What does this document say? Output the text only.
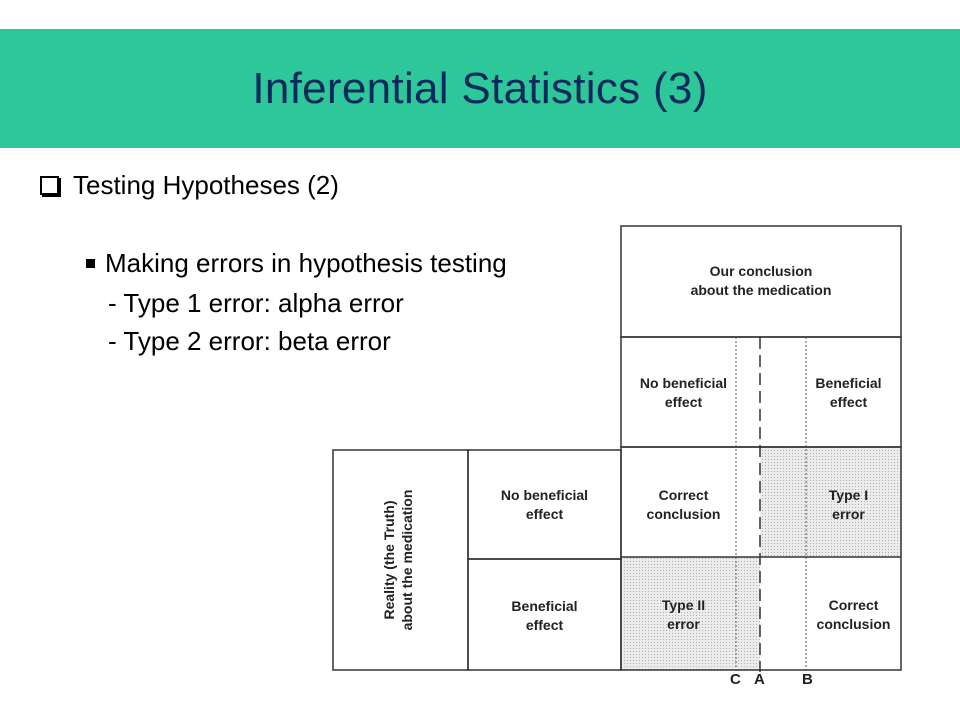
Inferential Statistics (3)
Testing Hypotheses (2)
Making errors in hypothesis testing
- Type 1 error: alpha error
- Type 2 error: beta error
Our conclusion
about the medication
No beneficial
effect
Beneficial
effect
Reality (the Truth)
about the medication	No beneficial
effect
Beneficial
effect
Correct
conclusion
Type I
error
Type II
error
Correct
conclusion
C A B
